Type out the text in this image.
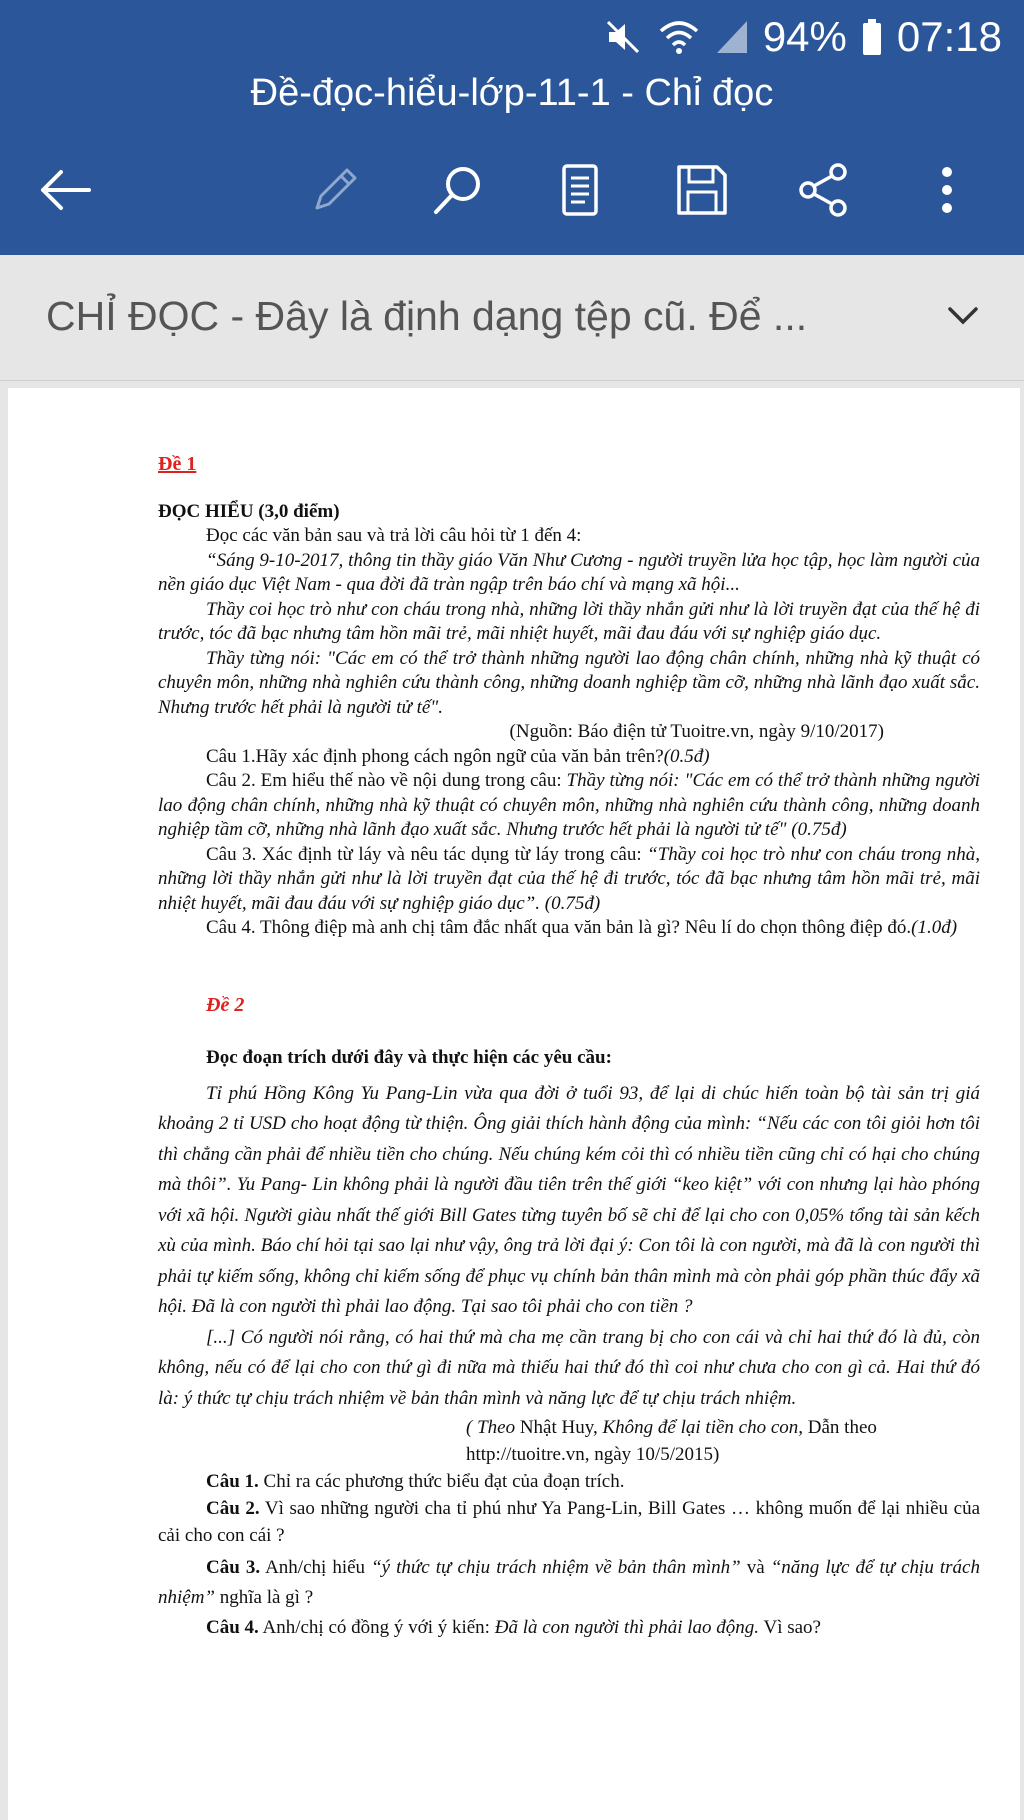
94% 07:18
Đề-đọc-hiểu-lớp-11-1 - Chỉ đọc
CHỈ ĐỌC - Đây là định dạng tệp cũ. Để ...

Đề 1

ĐỌC HIỂU (3,0 điểm)

Đọc các văn bản sau và trả lời câu hỏi từ 1 đến 4:

“Sáng 9-10-2017, thông tin thầy giáo Văn Như Cương - người truyền lửa học tập, học làm người của nền giáo dục Việt Nam - qua đời đã tràn ngập trên báo chí và mạng xã hội...

Thầy coi học trò như con cháu trong nhà, những lời thầy nhắn gửi như là lời truyền đạt của thế hệ đi trước, tóc đã bạc nhưng tâm hồn mãi trẻ, mãi nhiệt huyết, mãi đau đáu với sự nghiệp giáo dục.

Thầy từng nói: "Các em có thể trở thành những người lao động chân chính, những nhà kỹ thuật có chuyên môn, những nhà nghiên cứu thành công, những doanh nghiệp tầm cỡ, những nhà lãnh đạo xuất sắc. Nhưng trước hết phải là người tử tế".

(Nguồn: Báo điện tử Tuoitre.vn, ngày 9/10/2017)

Câu 1.Hãy xác định phong cách ngôn ngữ của văn bản trên?(0.5đ)

Câu 2. Em hiểu thế nào về nội dung trong câu: Thầy từng nói: "Các em có thể trở thành những người lao động chân chính, những nhà kỹ thuật có chuyên môn, những nhà nghiên cứu thành công, những doanh nghiệp tầm cỡ, những nhà lãnh đạo xuất sắc. Nhưng trước hết phải là người tử tế" (0.75đ)

Câu 3. Xác định từ láy và nêu tác dụng từ láy trong câu: “Thầy coi học trò như con cháu trong nhà, những lời thầy nhắn gửi như là lời truyền đạt của thế hệ đi trước, tóc đã bạc nhưng tâm hồn mãi trẻ, mãi nhiệt huyết, mãi đau đáu với sự nghiệp giáo dục”. (0.75đ)

Câu 4. Thông điệp mà anh chị tâm đắc nhất qua văn bản là gì? Nêu lí do chọn thông điệp đó.(1.0đ)

Đề 2

Đọc đoạn trích dưới đây và thực hiện các yêu cầu:

Tỉ phú Hồng Kông Yu Pang-Lin vừa qua đời ở tuổi 93, để lại di chúc hiến toàn bộ tài sản trị giá khoảng 2 tỉ USD cho hoạt động từ thiện. Ông giải thích hành động của mình: “Nếu các con tôi giỏi hơn tôi thì chẳng cần phải để nhiều tiền cho chúng. Nếu chúng kém cỏi thì có nhiều tiền cũng chỉ có hại cho chúng mà thôi”. Yu Pang- Lin không phải là người đầu tiên trên thế giới “keo kiệt” với con nhưng lại hào phóng với xã hội. Người giàu nhất thế giới Bill Gates từng tuyên bố sẽ chỉ để lại cho con 0,05% tổng tài sản kếch xù của mình. Báo chí hỏi tại sao lại như vậy, ông trả lời đại ý: Con tôi là con người, mà đã là con người thì phải tự kiếm sống, không chỉ kiếm sống để phục vụ chính bản thân mình mà còn phải góp phần thúc đẩy xã hội. Đã là con người thì phải lao động. Tại sao tôi phải cho con tiền ?

[...] Có người nói rằng, có hai thứ mà cha mẹ cần trang bị cho con cái và chỉ hai thứ đó là đủ, còn không, nếu có để lại cho con thứ gì đi nữa mà thiếu hai thứ đó thì coi như chưa cho con gì cả. Hai thứ đó là: ý thức tự chịu trách nhiệm về bản thân mình và năng lực để tự chịu trách nhiệm.

( Theo Nhật Huy, Không để lại tiền cho con, Dẫn theo
http://tuoitre.vn, ngày 10/5/2015)

Câu 1. Chỉ ra các phương thức biểu đạt của đoạn trích.

Câu 2. Vì sao những người cha tỉ phú như Ya Pang-Lin, Bill Gates … không muốn để lại nhiều của cải cho con cái ?

Câu 3. Anh/chị hiểu “ý thức tự chịu trách nhiệm về bản thân mình” và “năng lực để tự chịu trách nhiệm” nghĩa là gì ?

Câu 4. Anh/chị có đồng ý với ý kiến: Đã là con người thì phải lao động. Vì sao?
